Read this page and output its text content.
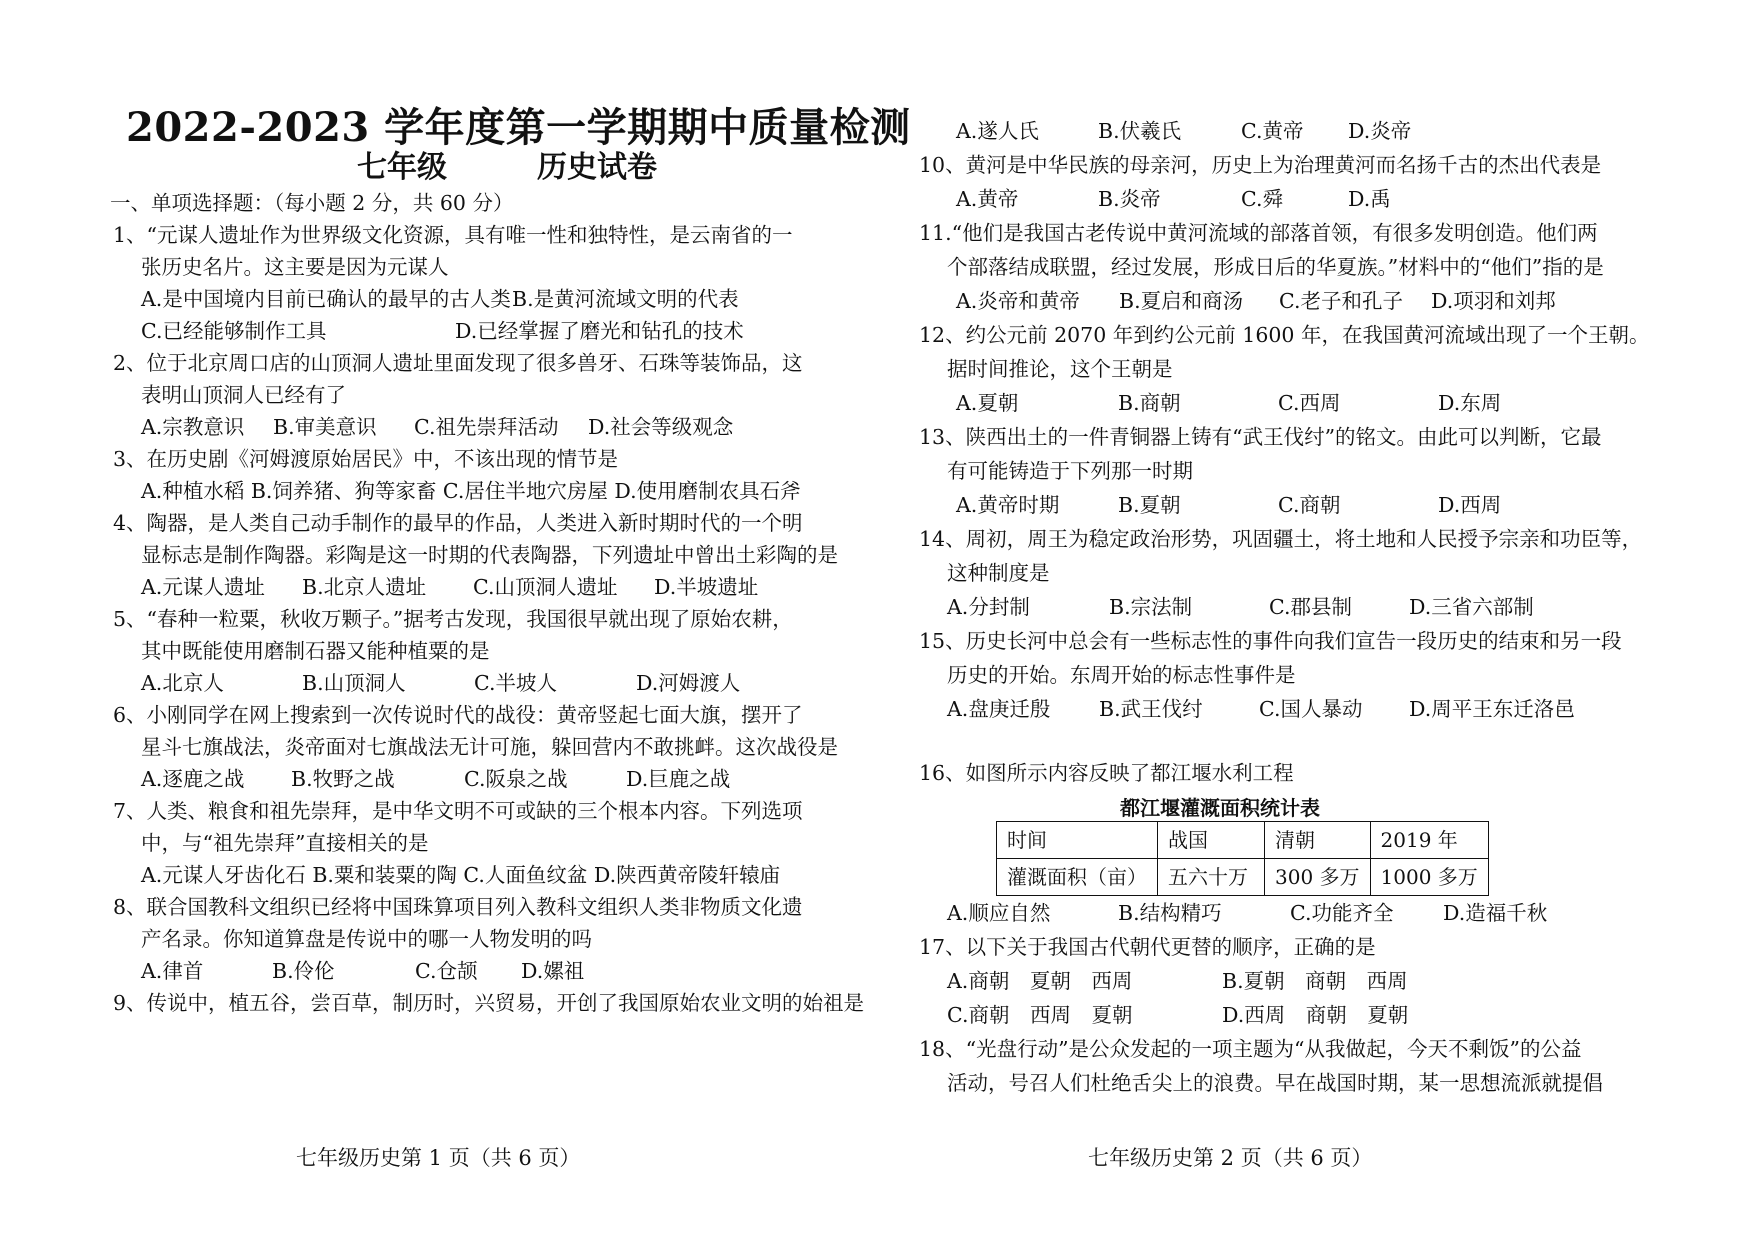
2022-2023 学年度第一学期期中质量检测
七年级　　　	历史试卷
一、单项选择题：（每小题 2 分，共 60 分）
1、“元谋人遗址作为世界级文化资源，具有唯一性和独特性，是云南省的一
张历史名片。这主要是因为元谋人
A.是中国境内目前已确认的最早的古人类 B.是黄河流域文明的代表
C.已经能够制作工具	D.已经掌握了磨光和钻孔的技术
2、位于北京周口店的山顶洞人遗址里面发现了很多兽牙、石珠等装饰品，这
表明山顶洞人已经有了
A.宗教意识 B.审美意识 C.祖先崇拜活动 D.社会等级观念
3、在历史剧《河姆渡原始居民》中，不该出现的情节是
A.种植水稻 B.饲养猪、狗等家畜 C.居住半地穴房屋 D.使用磨制农具石斧
4、陶器，是人类自己动手制作的最早的作品，人类进入新时期时代的一个明
显标志是制作陶器。彩陶是这一时期的代表陶器，下列遗址中曾出土彩陶的是
A.元谋人遗址 B.北京人遗址 C.山顶洞人遗址 D.半坡遗址
5、“春种一粒粟，秋收万颗子。”据考古发现，我国很早就出现了原始农耕，
其中既能使用磨制石器又能种植粟的是
A.北京人	B.山顶洞人	C.半坡人	D.河姆渡人
6、小刚同学在网上搜索到一次传说时代的战役：黄帝竖起七面大旗，摆开了
星斗七旗战法，炎帝面对七旗战法无计可施，躲回营内不敢挑衅。这次战役是
A.逐鹿之战 B.牧野之战	C.阪泉之战	D.巨鹿之战
7、人类、粮食和祖先崇拜，是中华文明不可或缺的三个根本内容。下列选项
中，与“祖先崇拜”直接相关的是
A.元谋人牙齿化石 B.粟和装粟的陶 C.人面鱼纹盆 D.陕西黄帝陵轩辕庙
8、联合国教科文组织已经将中国珠算项目列入教科文组织人类非物质文化遗
产名录。你知道算盘是传说中的哪一人物发明的吗
A.律首	B.伶伦	C.仓颉 D.嫘祖
9、传说中，植五谷，尝百草，制历时，兴贸易，开创了我国原始农业文明的始祖是
七年级历史第 1 页（共 6 页）
A.遂人氏	B.伏羲氏	C.黄帝 D.炎帝
10、黄河是中华民族的母亲河，历史上为治理黄河而名扬千古的杰出代表是
A.黄帝	B.炎帝	C.舜	D.禹
11.“他们是我国古老传说中黄河流域的部落首领，有很多发明创造。他们两
个部落结成联盟，经过发展，形成日后的华夏族。”材料中的“他们”指的是
A.炎帝和黄帝 B.夏启和商汤 C.老子和孔子 D.项羽和刘邦
12、约公元前 2070 年到约公元前 1600 年，在我国黄河流域出现了一个王朝。
据时间推论，这个王朝是
A.夏朝	B.商朝	C.西周	D.东周
13、陕西出土的一件青铜器上铸有“武王伐纣”的铭文。由此可以判断，它最
有可能铸造于下列那一时期
A.黄帝时期	B.夏朝	C.商朝	D.西周
14、周初，周王为稳定政治形势，巩固疆土，将土地和人民授予宗亲和功臣等，
这种制度是
A.分封制	B.宗法制	C.郡县制	D.三省六部制
15、历史长河中总会有一些标志性的事件向我们宣告一段历史的结束和另一段
历史的开始。东周开始的标志性事件是
A.盘庚迁殷 B.武王伐纣	C.国人暴动 D.周平王东迁洛邑
16、如图所示内容反映了都江堰水利工程
都江堰灌溉面积统计表
时间	战国	清朝	2019 年
灌溉面积（亩）	五六十万	300 多万	1000 多万
A.顺应自然	B.结构精巧	C.功能齐全 D.造福千秋
17、以下关于我国古代朝代更替的顺序，正确的是
A.商朝　夏朝　西周	B.夏朝　商朝　西周
C.商朝　西周　夏朝	D.西周　商朝　夏朝
18、“光盘行动”是公众发起的一项主题为“从我做起，今天不剩饭”的公益
活动，号召人们杜绝舌尖上的浪费。早在战国时期，某一思想流派就提倡
七年级历史第 2 页（共 6 页）
